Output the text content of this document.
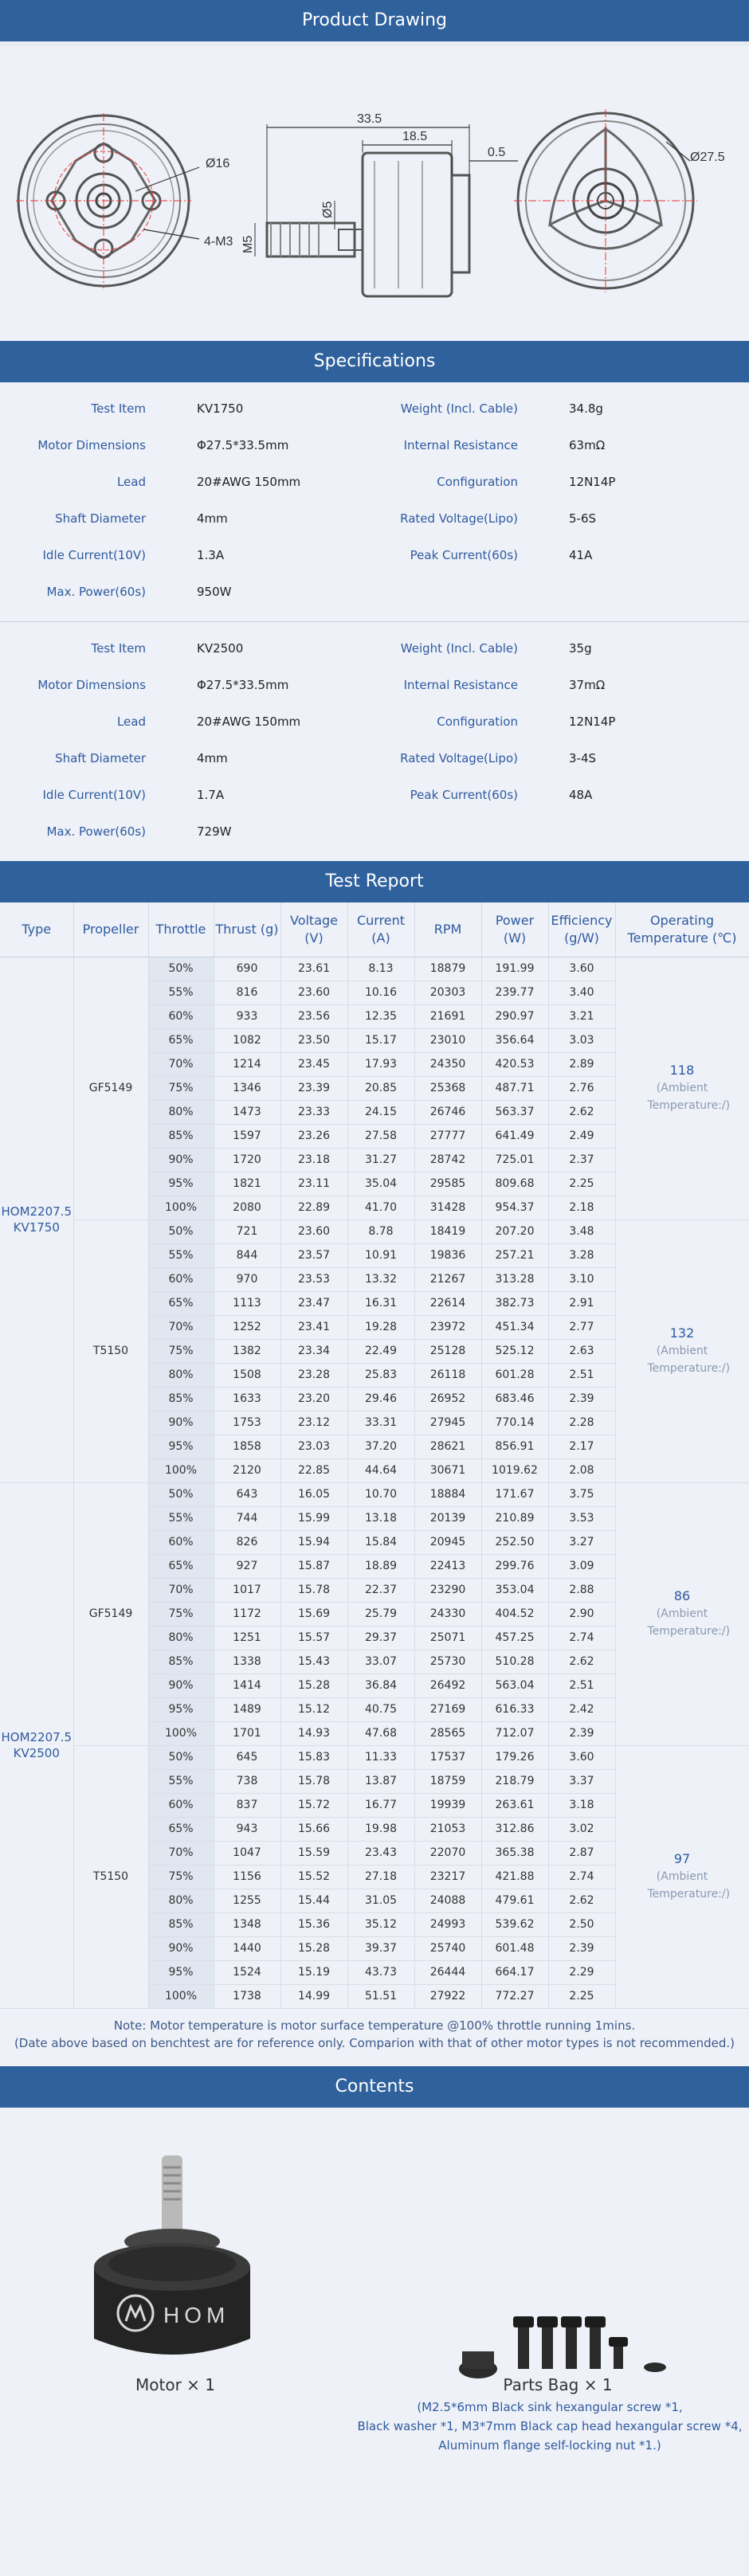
Product Drawing
Ø16
4-M3
33.5
18.5
0.5
Ø5
M5
Ø27.5
Specifications
Test Item	KV1750	Weight (Incl. Cable)	34.8g
Motor Dimensions	Φ27.5*33.5mm	Internal Resistance	63mΩ
Lead	20#AWG 150mm	Configuration	12N14P
Shaft Diameter	4mm	Rated Voltage(Lipo)	5-6S
Idle Current(10V)	1.3A	Peak Current(60s)	41A
Max. Power(60s)	950W
Test Item	KV2500	Weight (Incl. Cable)	35g
Motor Dimensions	Φ27.5*33.5mm	Internal Resistance	37mΩ
Lead	20#AWG 150mm	Configuration	12N14P
Shaft Diameter	4mm	Rated Voltage(Lipo)	3-4S
Idle Current(10V)	1.7A	Peak Current(60s)	48A
Max. Power(60s)	729W
Test Report
Type	Propeller	Throttle	Thrust (g)	Voltage (V)	Current (A)	RPM	Power (W)	Efficiency (g/W)	Operating Temperature (℃)
HOM2207.5 KV1750	GF5149	50%	690	23.61	8.13	18879	191.99	3.60	118
(Ambient Temperature:/)

		55%	816	23.60	10.16	20303	239.77	3.40	
		60%	933	23.56	12.35	21691	290.97	3.21	
		65%	1082	23.50	15.17	23010	356.64	3.03	
		70%	1214	23.45	17.93	24350	420.53	2.89	
		75%	1346	23.39	20.85	25368	487.71	2.76	
		80%	1473	23.33	24.15	26746	563.37	2.62	
		85%	1597	23.26	27.58	27777	641.49	2.49	
		90%	1720	23.18	31.27	28742	725.01	2.37	
		95%	1821	23.11	35.04	29585	809.68	2.25	
		100%	2080	22.89	41.70	31428	954.37	2.18	
	T5150	50%	721	23.60	8.78	18419	207.20	3.48	132
(Ambient Temperature:/)

		55%	844	23.57	10.91	19836	257.21	3.28	
		60%	970	23.53	13.32	21267	313.28	3.10	
		65%	1113	23.47	16.31	22614	382.73	2.91	
		70%	1252	23.41	19.28	23972	451.34	2.77	
		75%	1382	23.34	22.49	25128	525.12	2.63	
		80%	1508	23.28	25.83	26118	601.28	2.51	
		85%	1633	23.20	29.46	26952	683.46	2.39	
		90%	1753	23.12	33.31	27945	770.14	2.28	
		95%	1858	23.03	37.20	28621	856.91	2.17	
		100%	2120	22.85	44.64	30671	1019.62	2.08	
HOM2207.5 KV2500	GF5149	50%	643	16.05	10.70	18884	171.67	3.75	86
(Ambient Temperature:/)

		55%	744	15.99	13.18	20139	210.89	3.53	
		60%	826	15.94	15.84	20945	252.50	3.27	
		65%	927	15.87	18.89	22413	299.76	3.09	
		70%	1017	15.78	22.37	23290	353.04	2.88	
		75%	1172	15.69	25.79	24330	404.52	2.90	
		80%	1251	15.57	29.37	25071	457.25	2.74	
		85%	1338	15.43	33.07	25730	510.28	2.62	
		90%	1414	15.28	36.84	26492	563.04	2.51	
		95%	1489	15.12	40.75	27169	616.33	2.42	
		100%	1701	14.93	47.68	28565	712.07	2.39	
	T5150	50%	645	15.83	11.33	17537	179.26	3.60	97
(Ambient Temperature:/)

		55%	738	15.78	13.87	18759	218.79	3.37	
		60%	837	15.72	16.77	19939	263.61	3.18	
		65%	943	15.66	19.98	21053	312.86	3.02	
		70%	1047	15.59	23.43	22070	365.38	2.87	
		75%	1156	15.52	27.18	23217	421.88	2.74	
		80%	1255	15.44	31.05	24088	479.61	2.62	
		85%	1348	15.36	35.12	24993	539.62	2.50	
		90%	1440	15.28	39.37	25740	601.48	2.39	
		95%	1524	15.19	43.73	26444	664.17	2.29	
		100%	1738	14.99	51.51	27922	772.27	2.25	
Note: Motor temperature is motor surface temperature @100% throttle running 1mins.
(Date above based on benchtest are for reference only. Comparion with that of other motor types is not recommended.)
Contents
HOM
Motor × 1	Parts Bag × 1
(M2.5*6mm Black sink hexangular screw *1,
Black washer *1, M3*7mm Black cap head hexangular screw *4,
Aluminum flange self-locking nut *1.)
